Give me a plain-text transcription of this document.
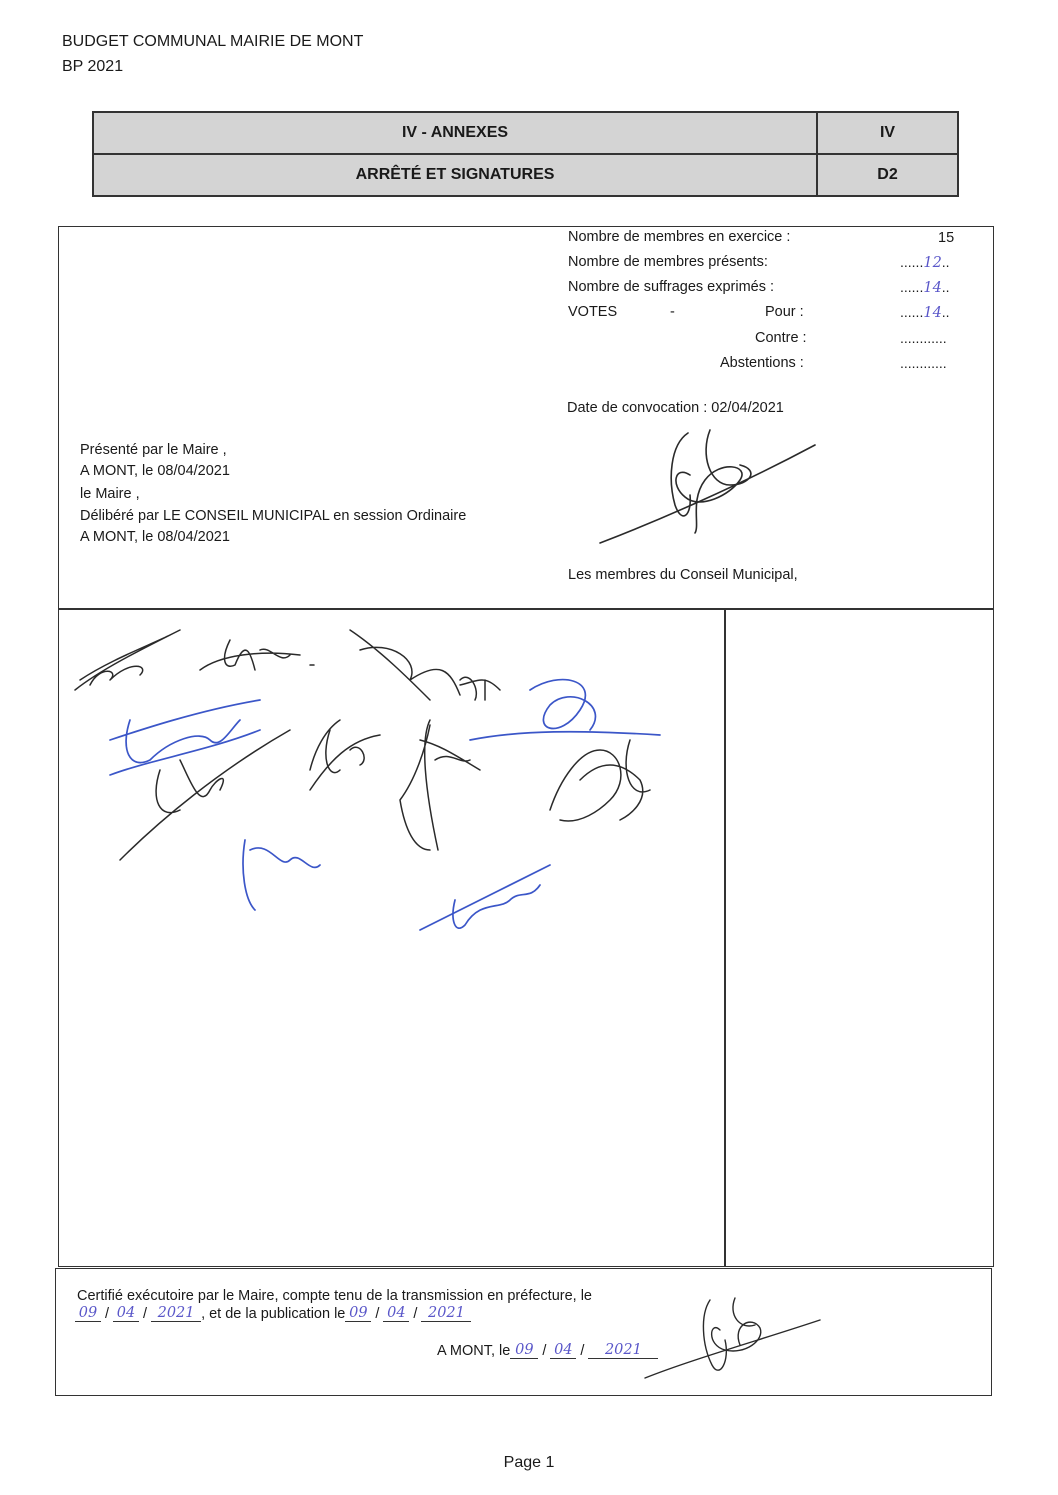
BUDGET COMMUNAL MAIRIE DE MONT
BP 2021
IV - ANNEXES	IV
ARRÊTÉ ET SIGNATURES	D2
Nombre de membres en exercice :	15
Nombre de membres présents:	......12..
Nombre de suffrages exprimés :	......14..
VOTES	-	Pour :	......14..
Contre :	............
Abstentions :	............
Date de convocation : 02/04/2021
Présenté par le Maire ,
A MONT, le 08/04/2021
le Maire ,
Délibéré par LE CONSEIL MUNICIPAL en session Ordinaire
A MONT, le 08/04/2021
Les membres du Conseil Municipal,
Certifié exécutoire par le Maire, compte tenu de la transmission en préfecture, le
09 / 04 / 2021 , et de la publication le 09 / 04 / 2021
A MONT, le 09 / 04 /	2021
Page 1
